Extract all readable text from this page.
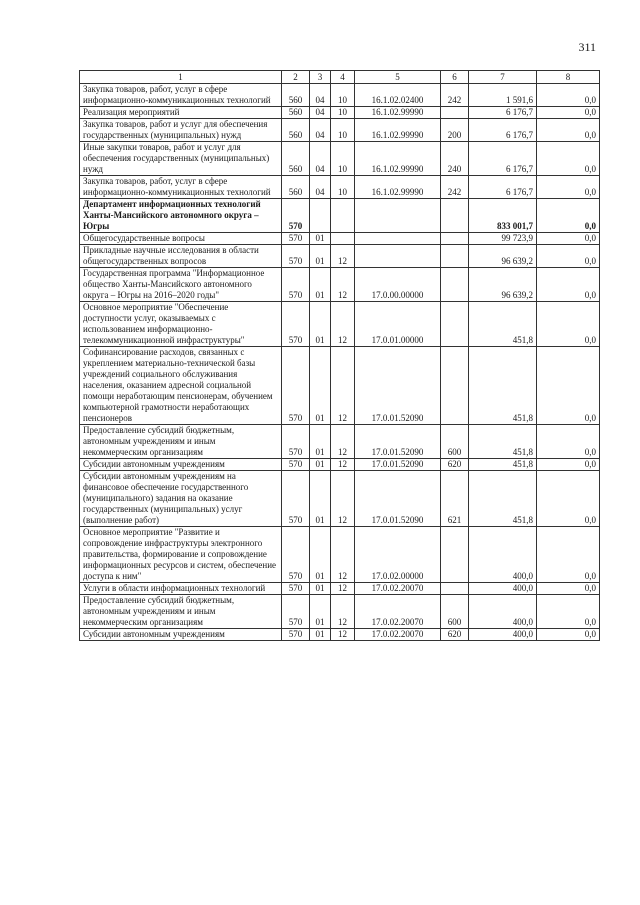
311
1	2	3	4	5	6	7	8
Закупка товаров, работ, услуг в сфере информационно-коммуникационных технологий	560	04	10	16.1.02.02400	242	1 591,6	0,0
Реализация мероприятий	560	04	10	16.1.02.99990		6 176,7	0,0
Закупка товаров, работ и услуг для обеспечения государственных (муниципальных) нужд	560	04	10	16.1.02.99990	200	6 176,7	0,0
Иные закупки товаров, работ и услуг для обеспечения государственных (муниципальных) нужд	560	04	10	16.1.02.99990	240	6 176,7	0,0
Закупка товаров, работ, услуг в сфере информационно-коммуникационных технологий	560	04	10	16.1.02.99990	242	6 176,7	0,0
Департамент информационных технологий Ханты-Мансийского автономного округа – Югры	570					833 001,7	0,0
Общегосударственные вопросы	570	01				99 723,9	0,0
Прикладные научные исследования в области общегосударственных вопросов	570	01	12			96 639,2	0,0
Государственная программа "Информационное общество Ханты-Мансийского автономного округа – Югры на 2016–2020 годы"	570	01	12	17.0.00.00000		96 639,2	0,0
Основное мероприятие "Обеспечение доступности услуг, оказываемых с использованием информационно-телекоммуникационной инфраструктуры"	570	01	12	17.0.01.00000		451,8	0,0
Софинансирование расходов, связанных с укреплением материально-технической базы учреждений социального обслуживания населения, оказанием адресной социальной помощи неработающим пенсионерам, обучением компьютерной грамотности неработающих пенсионеров	570	01	12	17.0.01.52090		451,8	0,0
Предоставление субсидий бюджетным, автономным учреждениям и иным некоммерческим организациям	570	01	12	17.0.01.52090	600	451,8	0,0
Субсидии автономным учреждениям	570	01	12	17.0.01.52090	620	451,8	0,0
Субсидии автономным учреждениям на финансовое обеспечение государственного (муниципального) задания на оказание государственных (муниципальных) услуг (выполнение работ)	570	01	12	17.0.01.52090	621	451,8	0,0
Основное мероприятие "Развитие и сопровождение инфраструктуры электронного правительства, формирование и сопровождение информационных ресурсов и систем, обеспечение доступа к ним"	570	01	12	17.0.02.00000		400,0	0,0
Услуги в области информационных технологий	570	01	12	17.0.02.20070		400,0	0,0
Предоставление субсидий бюджетным, автономным учреждениям и иным некоммерческим организациям	570	01	12	17.0.02.20070	600	400,0	0,0
Субсидии автономным учреждениям	570	01	12	17.0.02.20070	620	400,0	0,0
